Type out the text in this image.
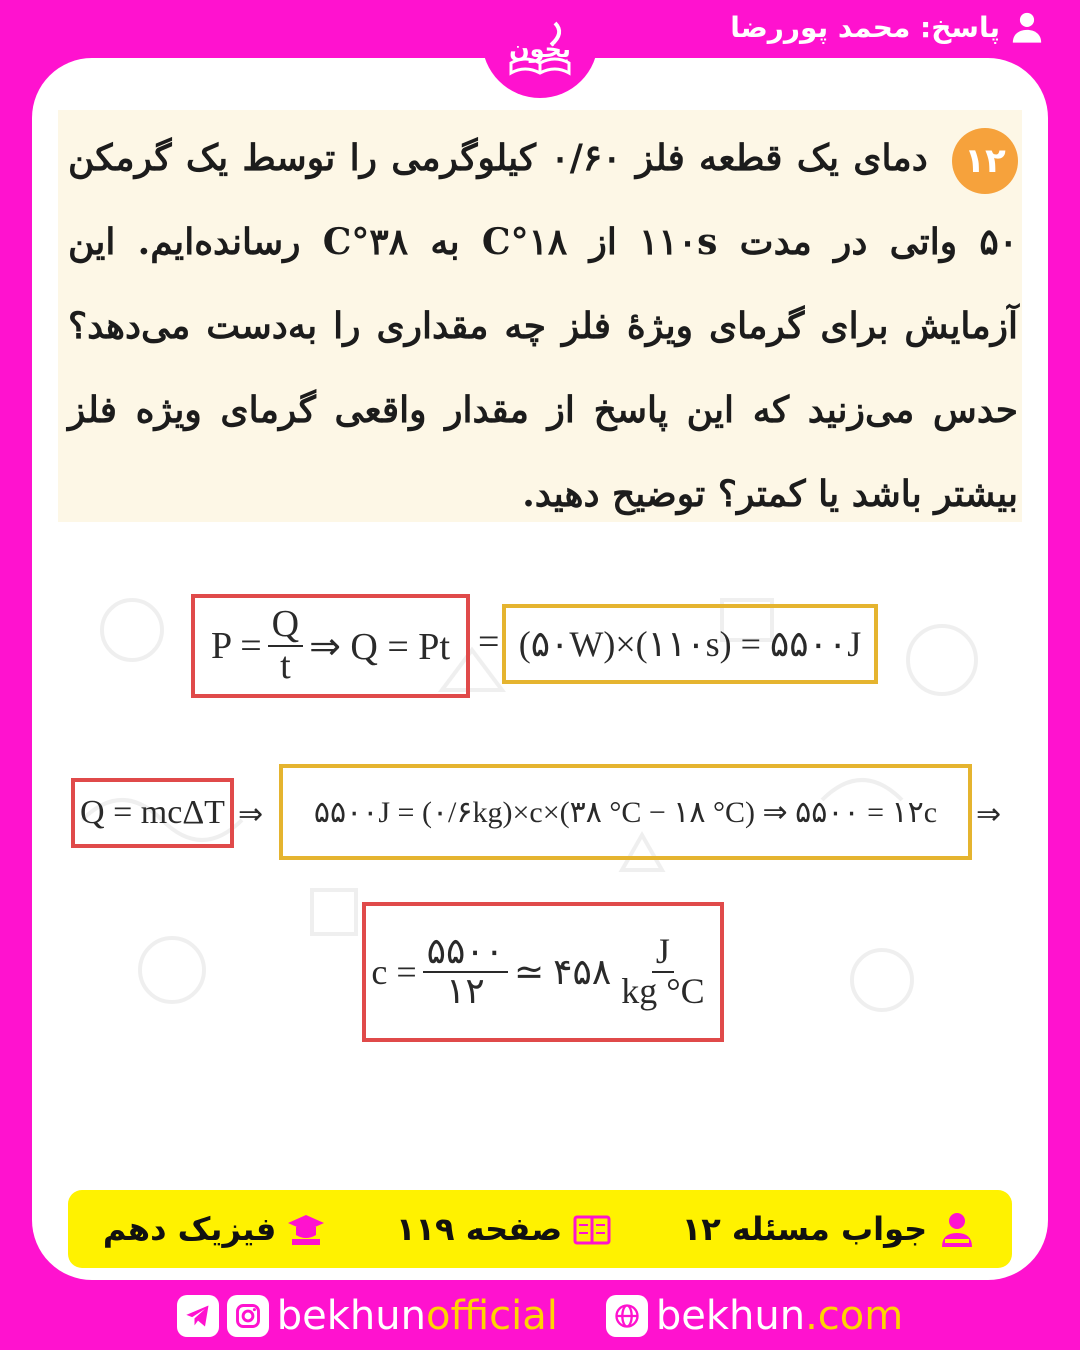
پاسخ: محمد پوررضا
بخون
۱۲ دمای یک قطعه فلز ۰/۶۰ کیلوگرمی را توسط یک گرمکن ۵۰ واتی در مدت ۱۱۰s از ۱۸°C به ۳۸°C رسانده‌ایم. این آزمایش برای گرمای ویژهٔ فلز چه مقداری را به‌دست می‌دهد؟ حدس می‌زنید که این پاسخ از مقدار واقعی گرمای ویژه فلز بیشتر باشد یا کمتر؟ توضیح دهید.
$P = \frac{Q}{t}$ ⇒ Q = Pt = (۵۰W)×(۱۱۰s) = ۵۵۰۰J
Q = mcΔT ⇒ ۵۵۰۰J = (۰/۶kg)×c×(۳۸ °C − ۱۸ °C) ⇒ ۵۵۰۰ = ۱۲c ⇒
$c = \frac{۵۵۰۰}{۱۲}$ ≃ ۴۵۸ $\frac{J}{kg ^\circ C}$
جواب مسئله ۱۲
صفحه ۱۱۹
فیزیک دهم
bekhunofficial bekhun.com
